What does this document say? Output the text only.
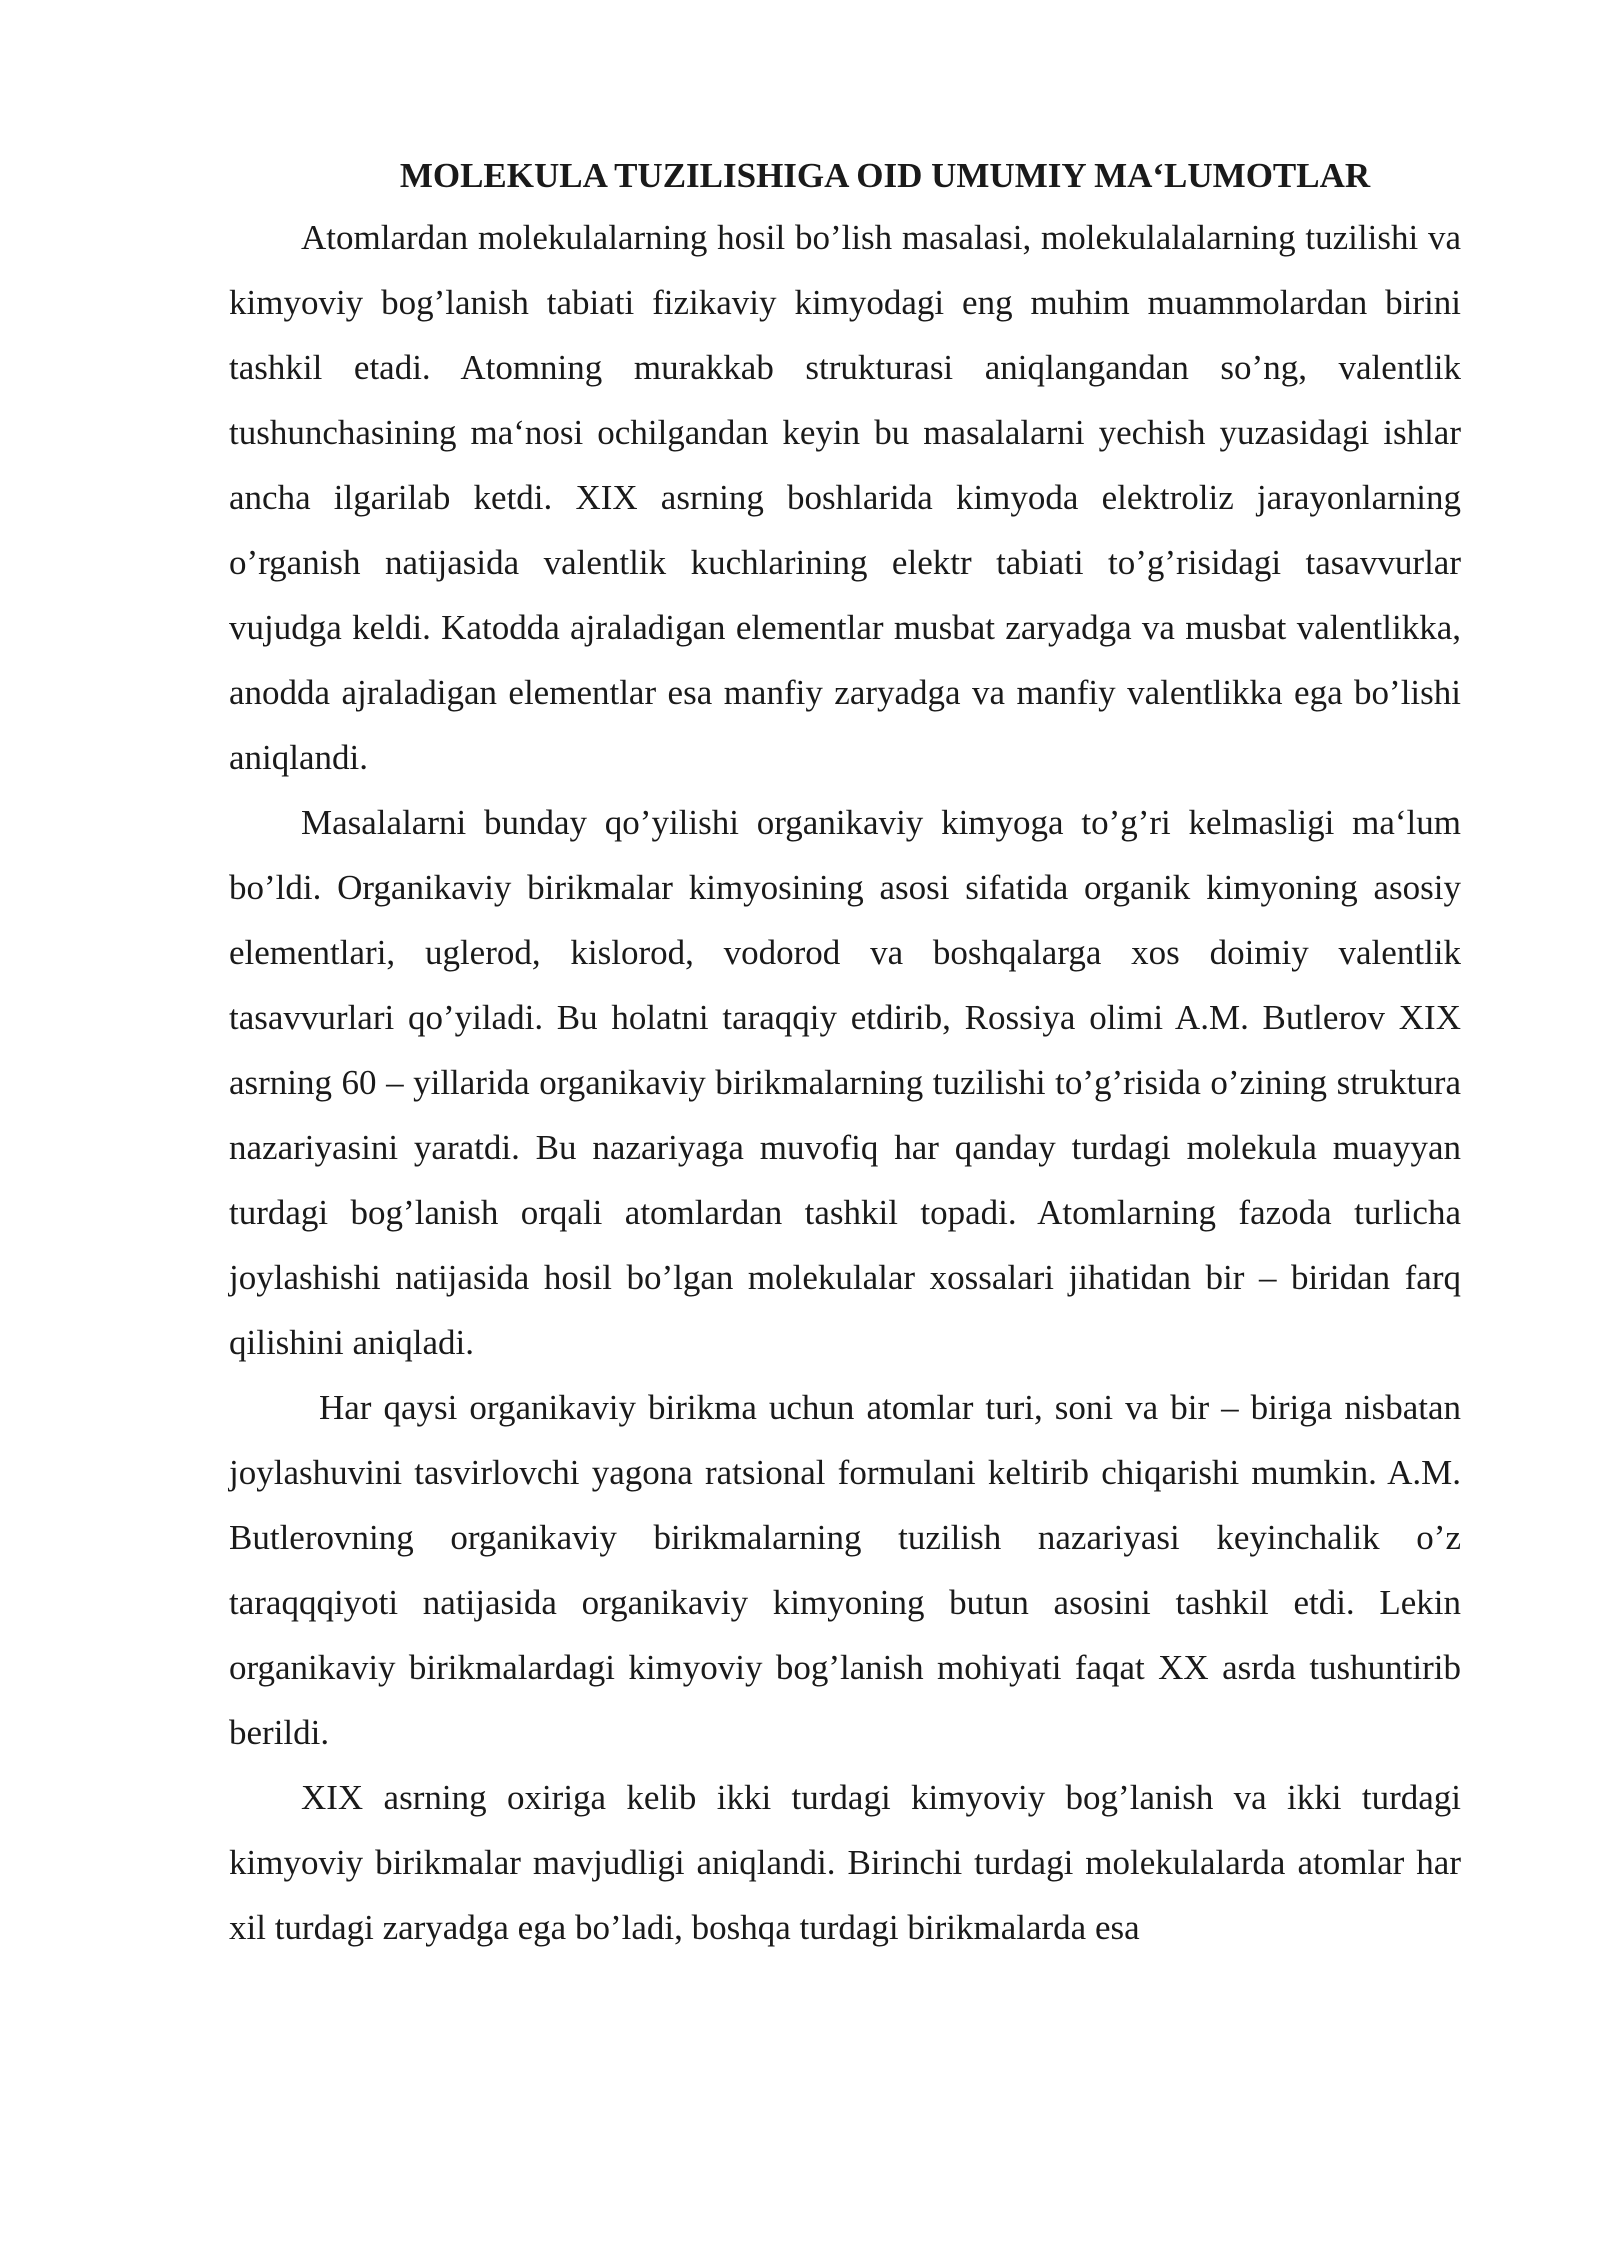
MOLEKULA TUZILISHIGA OID UMUMIY MA‘LUMOTLAR

Atomlardan molekulalarning hosil bo’lish masalasi, molekulalalarning tuzilishi va kimyoviy bog’lanish tabiati fizikaviy kimyodagi eng muhim muammolardan birini tashkil etadi. Atomning murakkab strukturasi aniqlangandan so’ng, valentlik tushunchasining ma‘nosi ochilgandan keyin bu masalalarni yechish yuzasidagi ishlar ancha ilgarilab ketdi. XIX asrning boshlarida kimyoda elektroliz jarayonlarning o’rganish natijasida valentlik kuchlarining elektr tabiati to’g’risidagi tasavvurlar vujudga keldi. Katodda ajraladigan elementlar musbat zaryadga va musbat valentlikka, anodda ajraladigan elementlar esa manfiy zaryadga va manfiy valentlikka ega bo’lishi aniqlandi.

Masalalarni bunday qo’yilishi organikaviy kimyoga to’g’ri kelmasligi ma‘lum bo’ldi. Organikaviy birikmalar kimyosining asosi sifatida organik kimyoning asosiy elementlari, uglerod, kislorod, vodorod va boshqalarga xos doimiy valentlik tasavvurlari qo’yiladi. Bu holatni taraqqiy etdirib, Rossiya olimi A.M. Butlerov XIX asrning 60 – yillarida organikaviy birikmalarning tuzilishi to’g’risida o’zining struktura nazariyasini yaratdi. Bu nazariyaga muvofiq har qanday turdagi molekula muayyan turdagi bog’lanish orqali atomlardan tashkil topadi. Atomlarning fazoda turlicha joylashishi natijasida hosil bo’lgan molekulalar xossalari jihatidan bir – biridan farq qilishini aniqladi.

Har qaysi organikaviy birikma uchun atomlar turi, soni va bir – biriga nisbatan joylashuvini tasvirlovchi yagona ratsional formulani keltirib chiqarishi mumkin. A.M. Butlerovning organikaviy birikmalarning tuzilish nazariyasi keyinchalik o’z taraqqqiyoti natijasida organikaviy kimyoning butun asosini tashkil etdi. Lekin organikaviy birikmalardagi kimyoviy bog’lanish mohiyati faqat XX asrda tushuntirib berildi.

XIX asrning oxiriga kelib ikki turdagi kimyoviy bog’lanish va ikki turdagi kimyoviy birikmalar mavjudligi aniqlandi. Birinchi turdagi molekulalarda atomlar har xil turdagi zaryadga ega bo’ladi, boshqa turdagi birikmalarda esa
